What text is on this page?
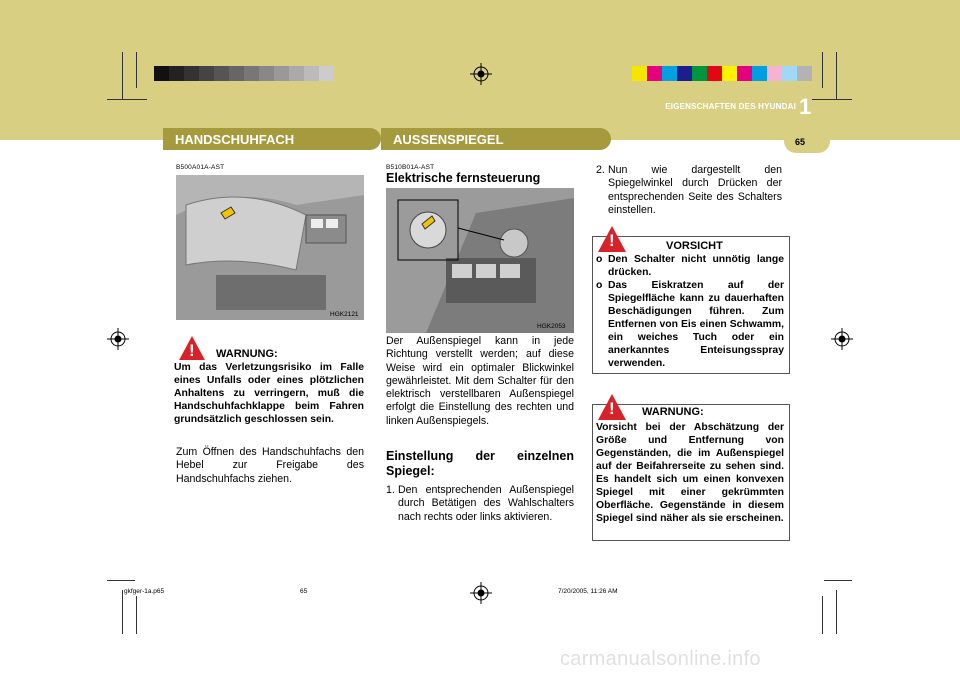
EIGENSCHAFTEN DES HYUNDAI 1
65
HANDSCHUHFACH	AUSSENSPIEGEL
B500A01A-AST
HGK2121
! WARNUNG:
Um das Verletzungsrisiko im Falle eines Unfalls oder eines plötzlichen Anhaltens zu verringern, muß die Handschuhfachklappe beim Fahren grundsätzlich geschlossen sein.
Zum Öffnen des Handschuhfachs den Hebel zur Freigabe des Handschuhfachs ziehen.
B510B01A-AST
Elektrische fernsteuerung
HGK2053
Der Außenspiegel kann in jede Richtung verstellt werden; auf diese Weise wird ein optimaler Blickwinkel gewährleistet. Mit dem Schalter für den elektrisch verstellbaren Außenspiegel erfolgt die Einstellung des rechten und linken Außenspiegels.
Einstellung der einzelnen Spiegel:
1. Den entsprechenden Außenspiegel durch Betätigen des Wahlschalters nach rechts oder links aktivieren.
2. Nun wie dargestellt den Spiegelwinkel durch Drücken der entsprechenden Seite des Schalters einstellen.
!	VORSICHT
o Den Schalter nicht unnötig lange drücken.
o Das Eiskratzen auf der Spiegelfläche kann zu dauerhaften Beschädigungen führen. Zum Entfernen von Eis einen Schwamm, ein weiches Tuch oder ein anerkanntes Enteisungsspray verwenden.
! WARNUNG:
Vorsicht bei der Abschätzung der Größe und Entfernung von Gegenständen, die im Außenspiegel auf der Beifahrerseite zu sehen sind. Es handelt sich um einen konvexen Spiegel mit einer gekrümmten Oberfläche. Gegenstände in diesem Spiegel sind näher als sie erscheinen.
gkfger-1a.p65	65	7/20/2005, 11:26 AM
carmanualsonline.info
